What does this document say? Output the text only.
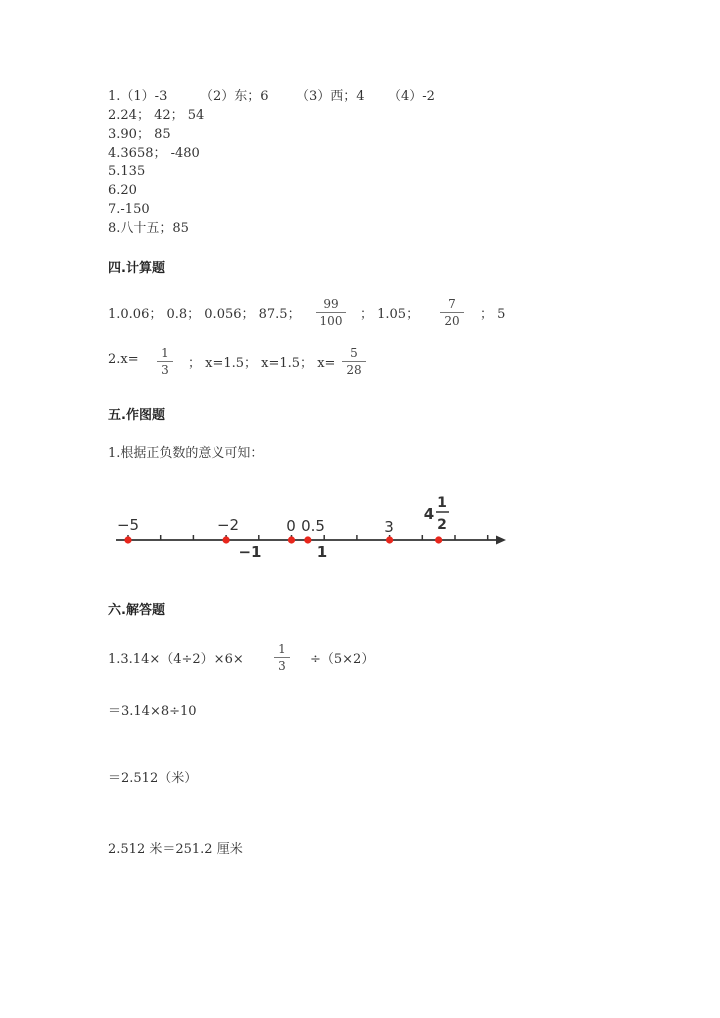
1.（1）-3	（2）东；6 （3）西；4 （4）-2
2.24； 42； 54
3.90； 85
4.3658； -480
5.135
6.20
7.-150
8.八十五；85
四.计算题
1.0.06； 0.8； 0.056； 87.5；
99
100 ； 1.05；
7
20	； 5
2.x=	1
3	； x=1.5； x=1.5； x=
5
28
五.作图题
1.根据正负数的意义可知：
−5	−2	0 0.5	3
4
1
2
−1	1
六.解答题
1.3.14×（4÷2）×6×
1
3	÷（5×2）
＝3.14×8÷10
＝2.512（米）
2.512 米＝251.2 厘米
